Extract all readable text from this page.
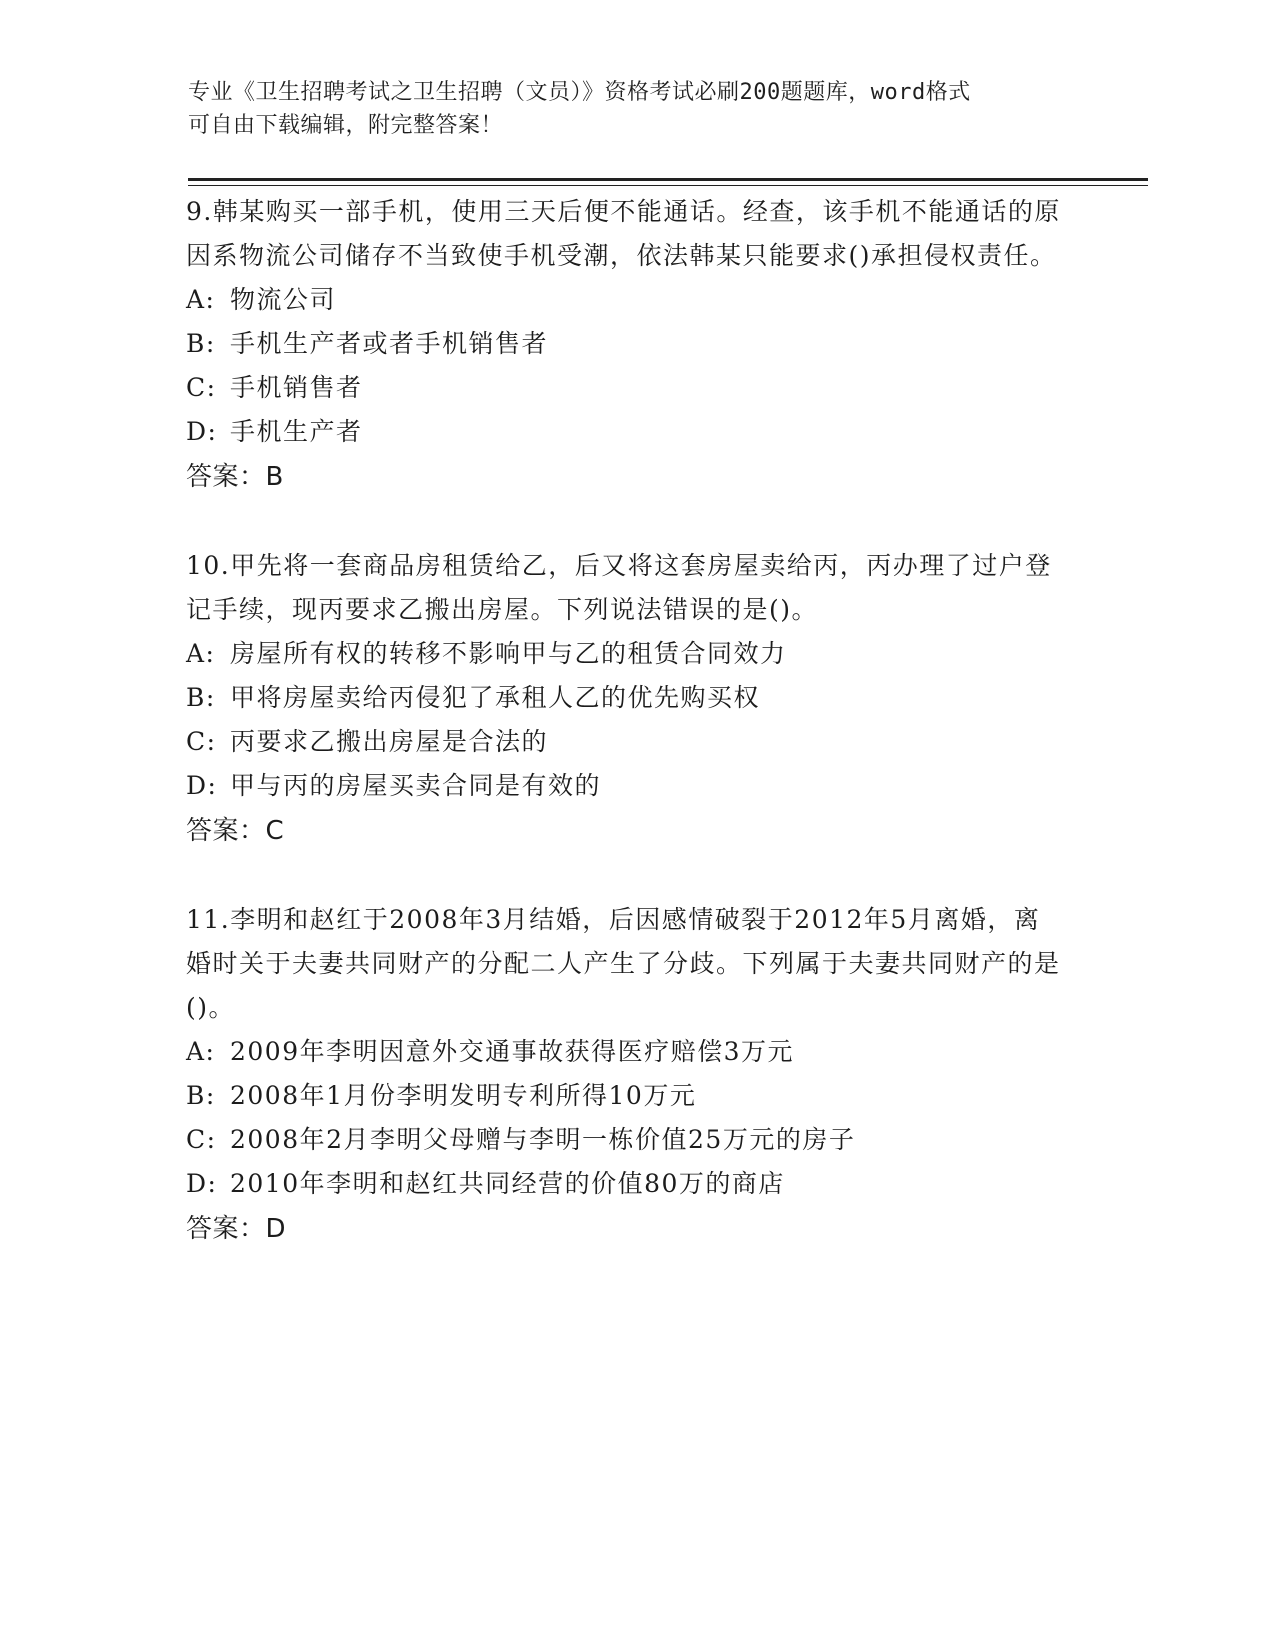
专业《卫生招聘考试之卫生招聘（文员）》资格考试必刷200题题库，word格式
可自由下载编辑，附完整答案！

9.韩某购买一部手机，使用三天后便不能通话。经查，该手机不能通话的原因系物流公司储存不当致使手机受潮，依法韩某只能要求()承担侵权责任。

A: 物流公司

B: 手机生产者或者手机销售者

C: 手机销售者

D: 手机生产者

答案：B

10.甲先将一套商品房租赁给乙，后又将这套房屋卖给丙，丙办理了过户登记手续，现丙要求乙搬出房屋。下列说法错误的是()。

A: 房屋所有权的转移不影响甲与乙的租赁合同效力

B: 甲将房屋卖给丙侵犯了承租人乙的优先购买权

C: 丙要求乙搬出房屋是合法的

D: 甲与丙的房屋买卖合同是有效的

答案：C

11.李明和赵红于2008年3月结婚，后因感情破裂于2012年5月离婚，离婚时关于夫妻共同财产的分配二人产生了分歧。下列属于夫妻共同财产的是()。

A: 2009年李明因意外交通事故获得医疗赔偿3万元

B: 2008年1月份李明发明专利所得10万元

C: 2008年2月李明父母赠与李明一栋价值25万元的房子

D: 2010年李明和赵红共同经营的价值80万的商店

答案：D
